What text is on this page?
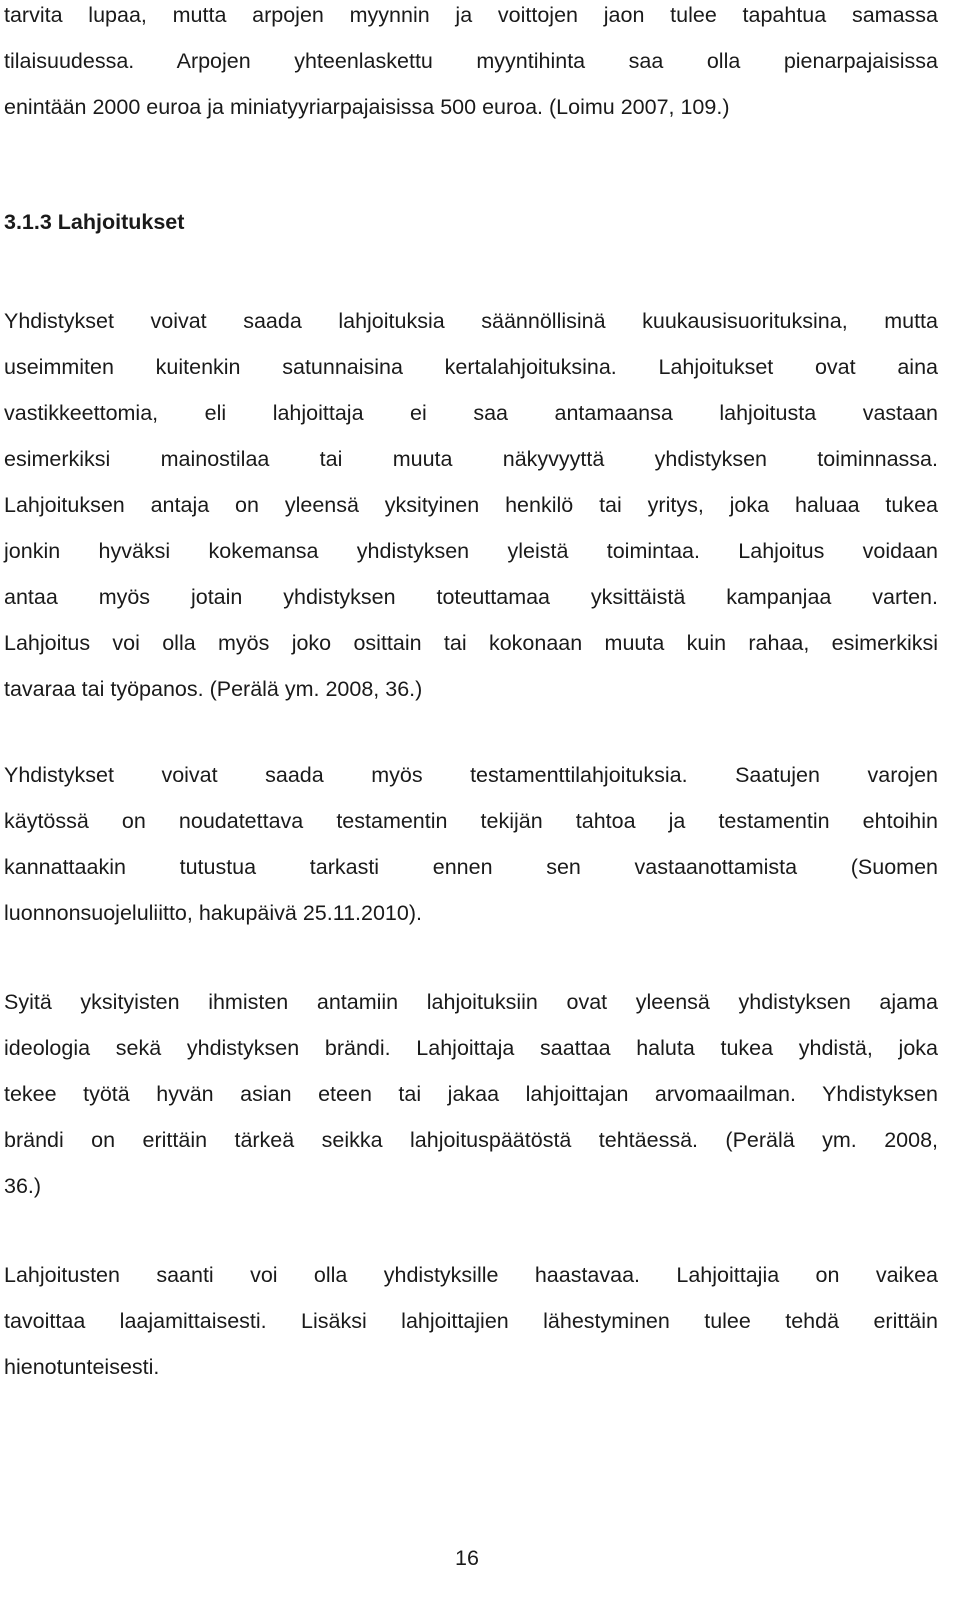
tarvita lupaa, mutta arpojen myynnin ja voittojen jaon tulee tapahtua samassa
tilaisuudessa. Arpojen yhteenlaskettu myyntihinta saa olla pienarpajaisissa
enintään 2000 euroa ja miniatyyriarpajaisissa 500 euroa. (Loimu 2007, 109.)
3.1.3 Lahjoitukset
Yhdistykset voivat saada lahjoituksia säännöllisinä kuukausisuorituksina, mutta
useimmiten kuitenkin satunnaisina kertalahjoituksina. Lahjoitukset ovat aina
vastikkeettomia, eli lahjoittaja ei saa antamaansa lahjoitusta vastaan
esimerkiksi mainostilaa tai muuta näkyvyyttä yhdistyksen toiminnassa.
Lahjoituksen antaja on yleensä yksityinen henkilö tai yritys, joka haluaa tukea
jonkin hyväksi kokemansa yhdistyksen yleistä toimintaa. Lahjoitus voidaan
antaa myös jotain yhdistyksen toteuttamaa yksittäistä kampanjaa varten.
Lahjoitus voi olla myös joko osittain tai kokonaan muuta kuin rahaa, esimerkiksi
tavaraa tai työpanos. (Perälä ym. 2008, 36.)
Yhdistykset voivat saada myös testamenttilahjoituksia. Saatujen varojen
käytössä on noudatettava testamentin tekijän tahtoa ja testamentin ehtoihin
kannattaakin tutustua tarkasti ennen sen vastaanottamista (Suomen
luonnonsuojeluliitto, hakupäivä 25.11.2010).
Syitä yksityisten ihmisten antamiin lahjoituksiin ovat yleensä yhdistyksen ajama
ideologia sekä yhdistyksen brändi. Lahjoittaja saattaa haluta tukea yhdistä, joka
tekee työtä hyvän asian eteen tai jakaa lahjoittajan arvomaailman. Yhdistyksen
brändi on erittäin tärkeä seikka lahjoituspäätöstä tehtäessä. (Perälä ym. 2008,
36.)
Lahjoitusten saanti voi olla yhdistyksille haastavaa. Lahjoittajia on vaikea
tavoittaa laajamittaisesti. Lisäksi lahjoittajien lähestyminen tulee tehdä erittäin
hienotunteisesti.
16
